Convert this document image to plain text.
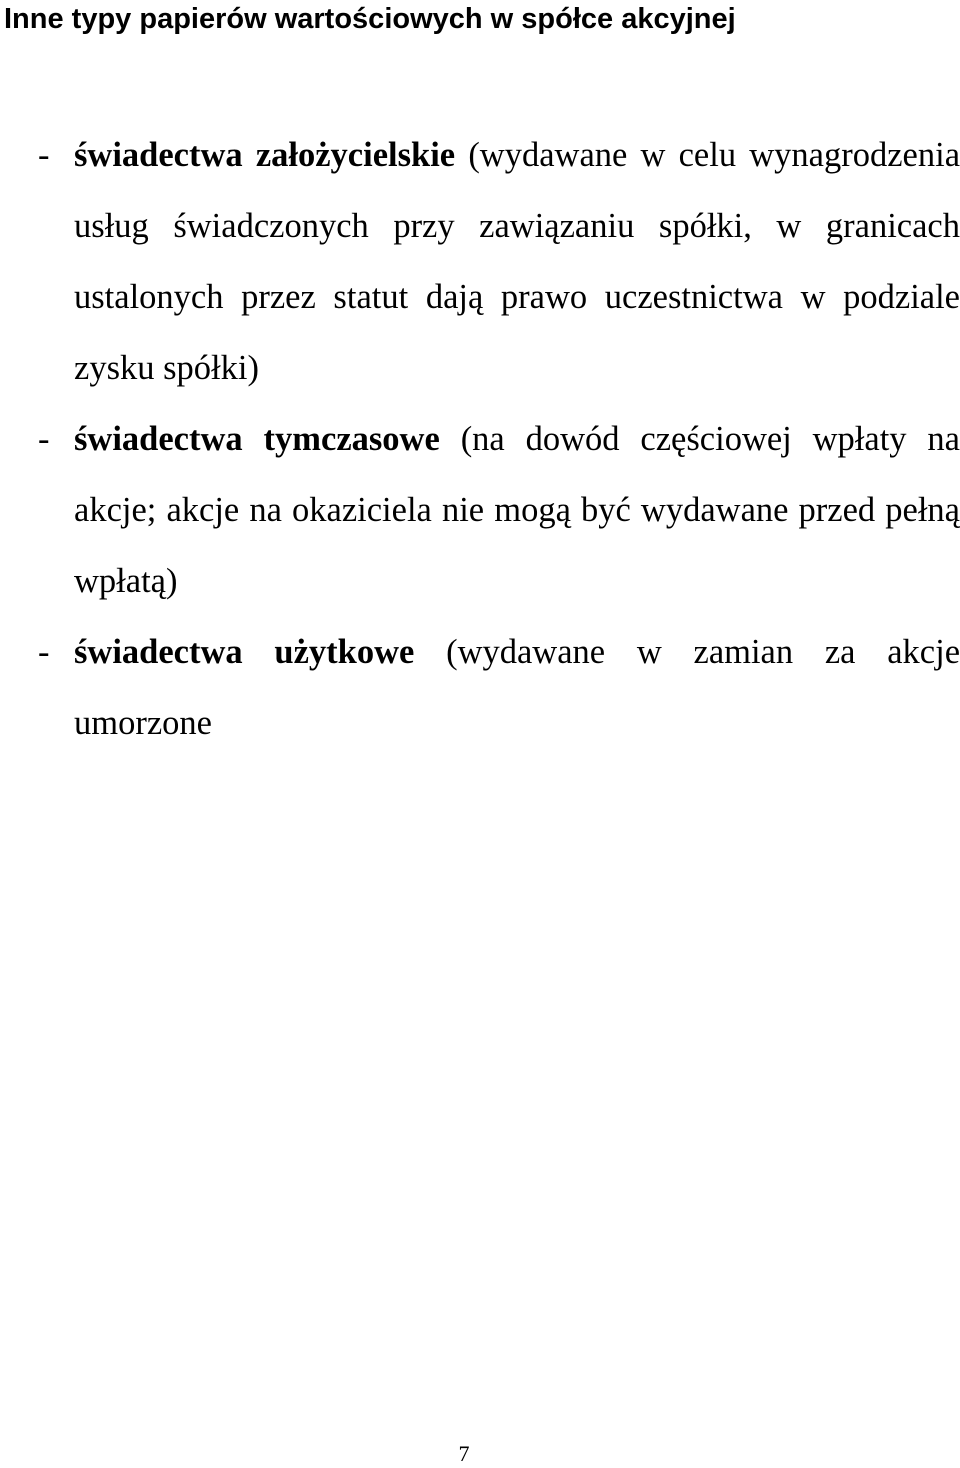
Inne typy papierów wartościowych w spółce akcyjnej
- świadectwa założycielskie (wydawane w celu wynagrodzenia usług świadczonych przy zawiązaniu spółki, w granicach ustalonych przez statut dają prawo uczestnictwa w podziale zysku spółki)
- świadectwa tymczasowe (na dowód częściowej wpłaty na akcje; akcje na okaziciela nie mogą być wydawane przed pełną wpłatą)
- świadectwa użytkowe (wydawane w zamian za akcje umorzone
7
